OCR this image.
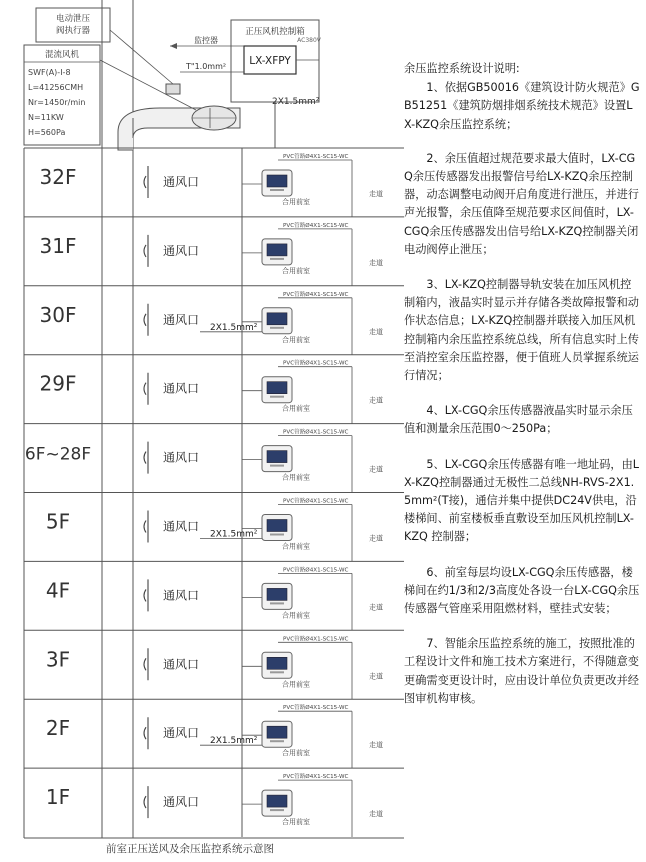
电动泄压
阀执行器
混流风机
SWF(A)-I-8
L=41256CMH
Nr=1450r/min
N=11KW
H=560Pa
正压风机控制箱
LX-XFPY
AC380V
监控器
T"1.0mm²
2X1.5mm²
32F	通风口
PVC管路Ø4X1-SC15-WC
合用前室
走道
31F	通风口
PVC管路Ø4X1-SC15-WC
合用前室
走道
30F	通风口
PVC管路Ø4X1-SC15-WC
合用前室
走道
2X1.5mm²
29F	通风口
PVC管路Ø4X1-SC15-WC
合用前室
走道
6F~28F	通风口
PVC管路Ø4X1-SC15-WC
合用前室
走道
5F	通风口
PVC管路Ø4X1-SC15-WC
合用前室
走道
2X1.5mm²
4F	通风口
PVC管路Ø4X1-SC15-WC
合用前室
走道
3F	通风口
PVC管路Ø4X1-SC15-WC
合用前室
走道
2F	通风口
PVC管路Ø4X1-SC15-WC
合用前室
走道
2X1.5mm²
1F	通风口
PVC管路Ø4X1-SC15-WC
合用前室
走道
前室正压送风及余压监控系统示意图
余压监控系统设计说明:

1、依据GB50016《建筑设计防火规范》GB51251《建筑防烟排烟系统技术规范》设置LX-KZQ余压监控系统；

2、余压值超过规范要求最大值时，LX-CGQ余压传感器发出报警信号给LX-KZQ余压控制器，动态调整电动阀开启角度进行泄压，并进行声光报警，余压值降至规范要求区间值时，LX-CGQ余压传感器发出信号给LX-KZQ控制器关闭电动阀停止泄压；

3、LX-KZQ控制器导轨安装在加压风机控制箱内，液晶实时显示并存储各类故障报警和动作状态信息；LX-KZQ控制器并联接入加压风机控制箱内余压监控系统总线，所有信息实时上传至消控室余压监控器，便于值班人员掌握系统运行情况；

4、LX-CGQ余压传感器液晶实时显示余压值和测量余压范围0～250Pa；

5、LX-CGQ余压传感器有唯一地址码，由LX-KZQ控制器通过无极性二总线NH-RVS-2X1.5mm²(T接)，通信并集中提供DC24V供电，沿楼梯间、前室楼板垂直敷设至加压风机控制LX-KZQ 控制器；

6、前室每层均设LX-CGQ余压传感器，楼梯间在约1/3和2/3高度处各设一台LX-CGQ余压传感器气管座采用阻燃材料，壁挂式安装；

7、智能余压监控系统的施工，按照批准的工程设计文件和施工技术方案进行，不得随意变更确需变更设计时，应由设计单位负责更改并经图审机构审核。
